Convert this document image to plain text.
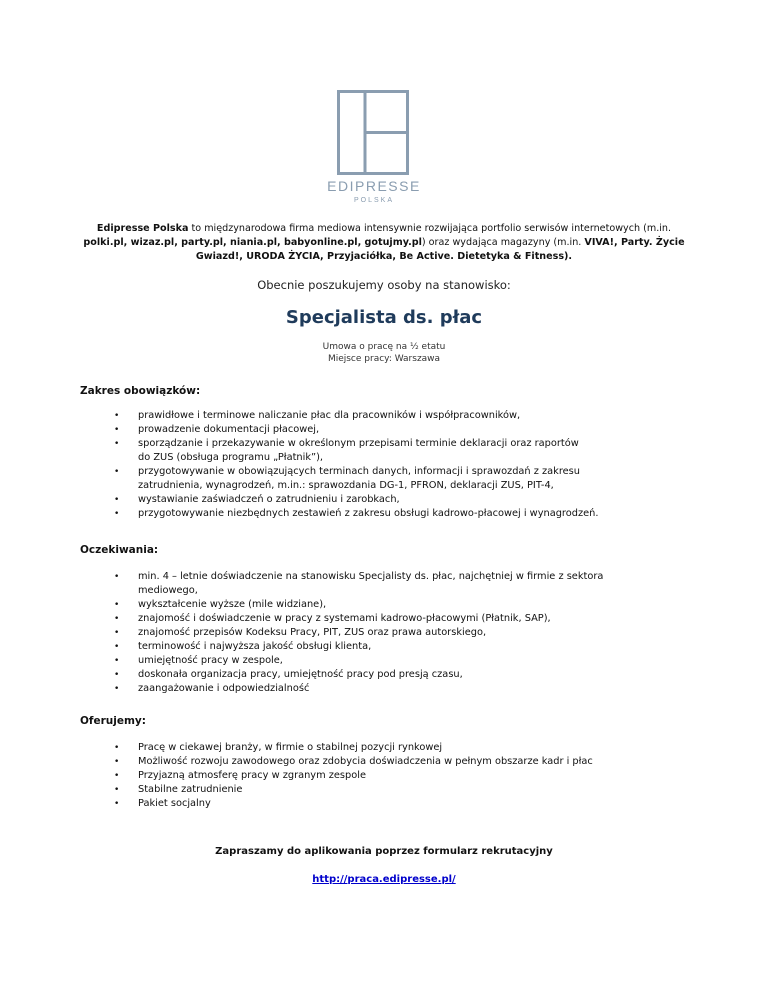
EDIPRESSE
POLSKA
Edipresse Polska to międzynarodowa firma mediowa intensywnie rozwijająca portfolio serwisów internetowych (m.in. polki.pl, wizaz.pl, party.pl, niania.pl, babyonline.pl, gotujmy.pl) oraz wydająca magazyny (m.in. VIVA!, Party. Życie Gwiazd!, URODA ŻYCIA, Przyjaciółka, Be Active. Dietetyka & Fitness).
Obecnie poszukujemy osoby na stanowisko:
Specjalista ds. płac
Umowa o pracę na ½ etatu
Miejsce pracy: Warszawa
Zakres obowiązków:
• prawidłowe i terminowe naliczanie płac dla pracowników i współpracowników,
• prowadzenie dokumentacji płacowej,
• sporządzanie i przekazywanie w określonym przepisami terminie deklaracji oraz raportów
do ZUS (obsługa programu „Płatnik”),
• przygotowywanie w obowiązujących terminach danych, informacji i sprawozdań z zakresu
zatrudnienia, wynagrodzeń, m.in.: sprawozdania DG-1, PFRON, deklaracji ZUS, PIT-4,
• wystawianie zaświadczeń o zatrudnieniu i zarobkach,
• przygotowywanie niezbędnych zestawień z zakresu obsługi kadrowo-płacowej i wynagrodzeń.
Oczekiwania:
• min. 4 – letnie doświadczenie na stanowisku Specjalisty ds. płac, najchętniej w firmie z sektora
mediowego,
• wykształcenie wyższe (mile widziane),
• znajomość i doświadczenie w pracy z systemami kadrowo-płacowymi (Płatnik, SAP),
• znajomość przepisów Kodeksu Pracy, PIT, ZUS oraz prawa autorskiego,
• terminowość i najwyższa jakość obsługi klienta,
• umiejętność pracy w zespole,
• doskonała organizacja pracy, umiejętność pracy pod presją czasu,
• zaangażowanie i odpowiedzialność
Oferujemy:
• Pracę w ciekawej branży, w firmie o stabilnej pozycji rynkowej
• Możliwość rozwoju zawodowego oraz zdobycia doświadczenia w pełnym obszarze kadr i płac
• Przyjazną atmosferę pracy w zgranym zespole
• Stabilne zatrudnienie
• Pakiet socjalny
Zapraszamy do aplikowania poprzez formularz rekrutacyjny
http://praca.edipresse.pl/
